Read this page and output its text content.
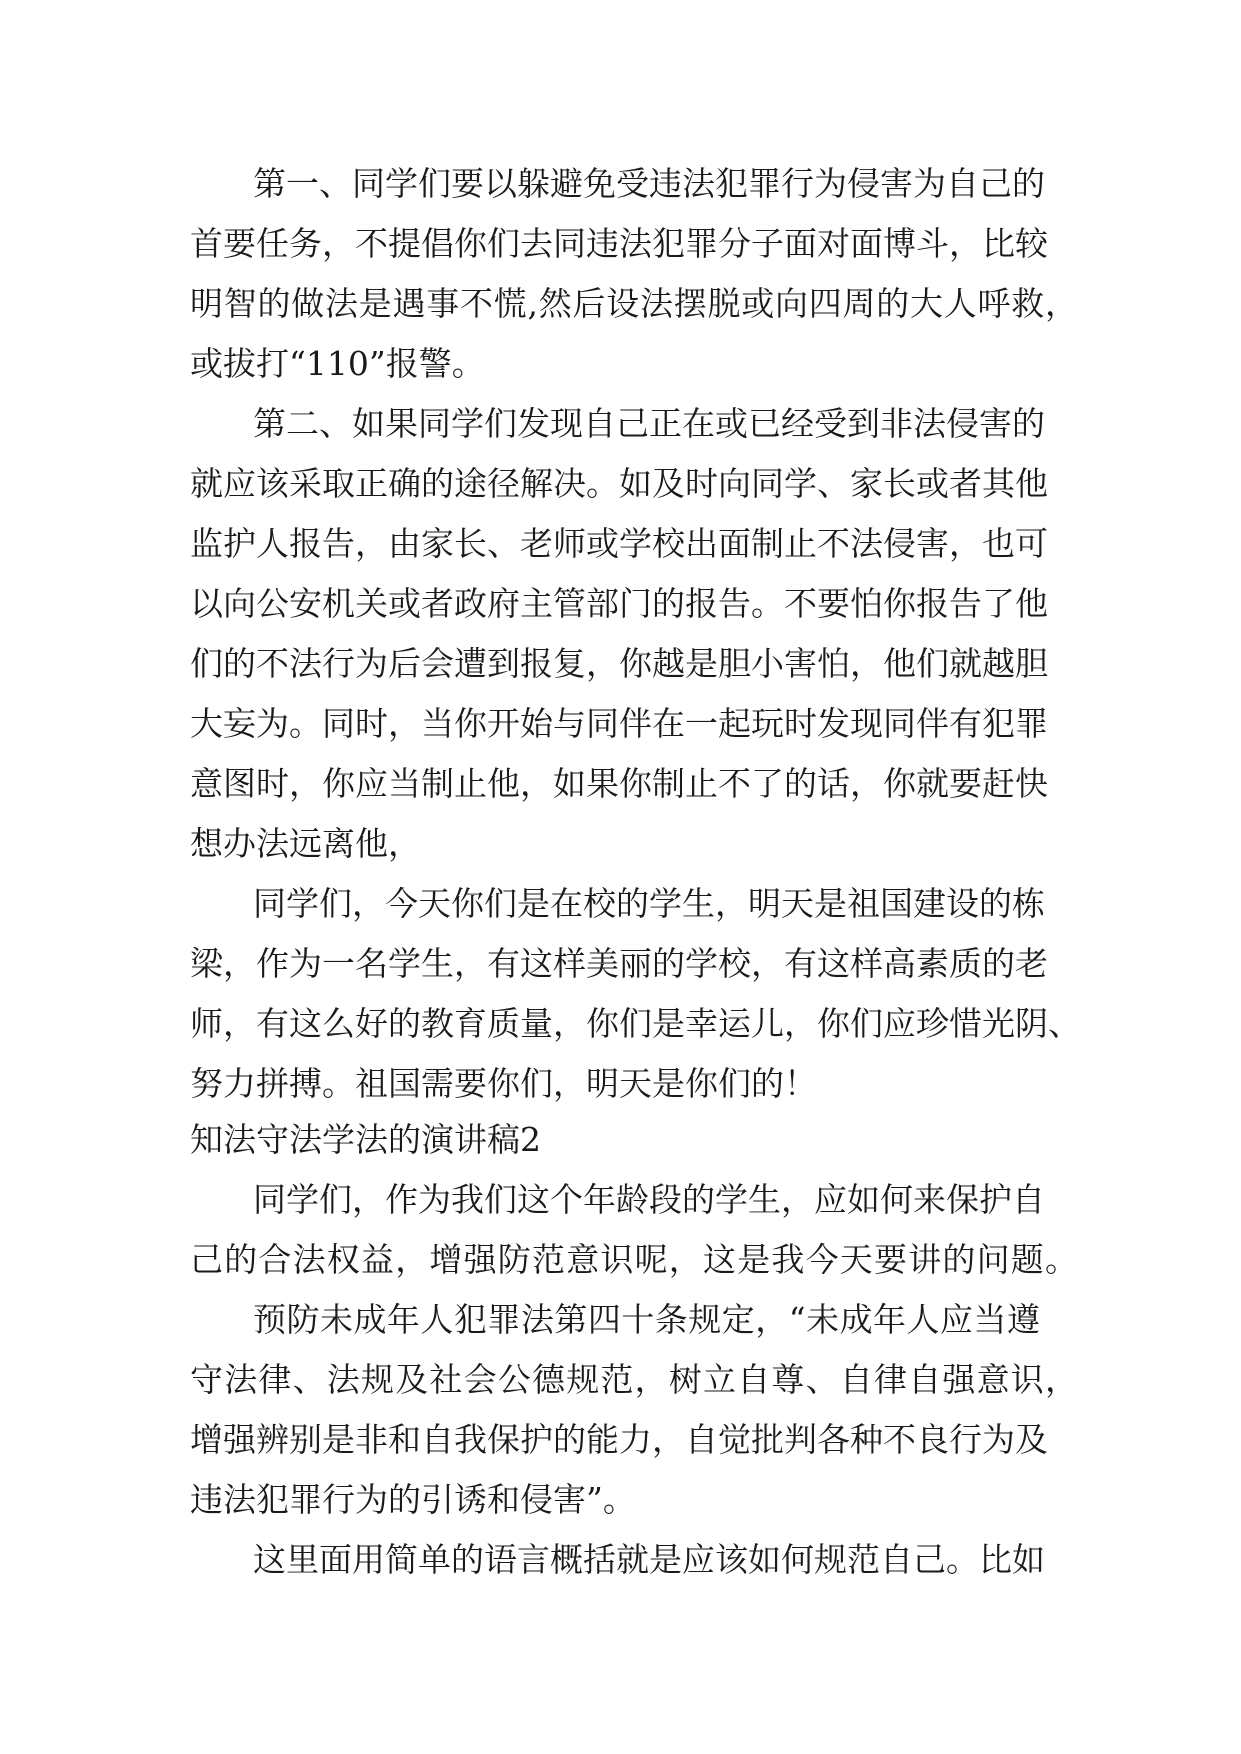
第一、同学们要以躲避免受违法犯罪行为侵害为自己的
首要任务，不提倡你们去同违法犯罪分子面对面博斗，比较
明智的做法是遇事不慌,然后设法摆脱或向四周的大人呼救，
或拔打“110”报警。
第二、如果同学们发现自己正在或已经受到非法侵害的
就应该采取正确的途径解决。如及时向同学、家长或者其他
监护人报告，由家长、老师或学校出面制止不法侵害，也可
以向公安机关或者政府主管部门的报告。不要怕你报告了他
们的不法行为后会遭到报复，你越是胆小害怕，他们就越胆
大妄为。同时，当你开始与同伴在一起玩时发现同伴有犯罪
意图时，你应当制止他，如果你制止不了的话，你就要赶快
想办法远离他，
同学们，今天你们是在校的学生，明天是祖国建设的栋
梁，作为一名学生，有这样美丽的学校，有这样高素质的老
师，有这么好的教育质量，你们是幸运儿，你们应珍惜光阴、
努力拼搏。祖国需要你们，明天是你们的！
知法守法学法的演讲稿2
同学们，作为我们这个年龄段的学生，应如何来保护自
己的合法权益，增强防范意识呢，这是我今天要讲的问题。
预防未成年人犯罪法第四十条规定，“未成年人应当遵
守法律、法规及社会公德规范，树立自尊、自律自强意识，
增强辨别是非和自我保护的能力，自觉批判各种不良行为及
违法犯罪行为的引诱和侵害”。
这里面用简单的语言概括就是应该如何规范自己。比如
